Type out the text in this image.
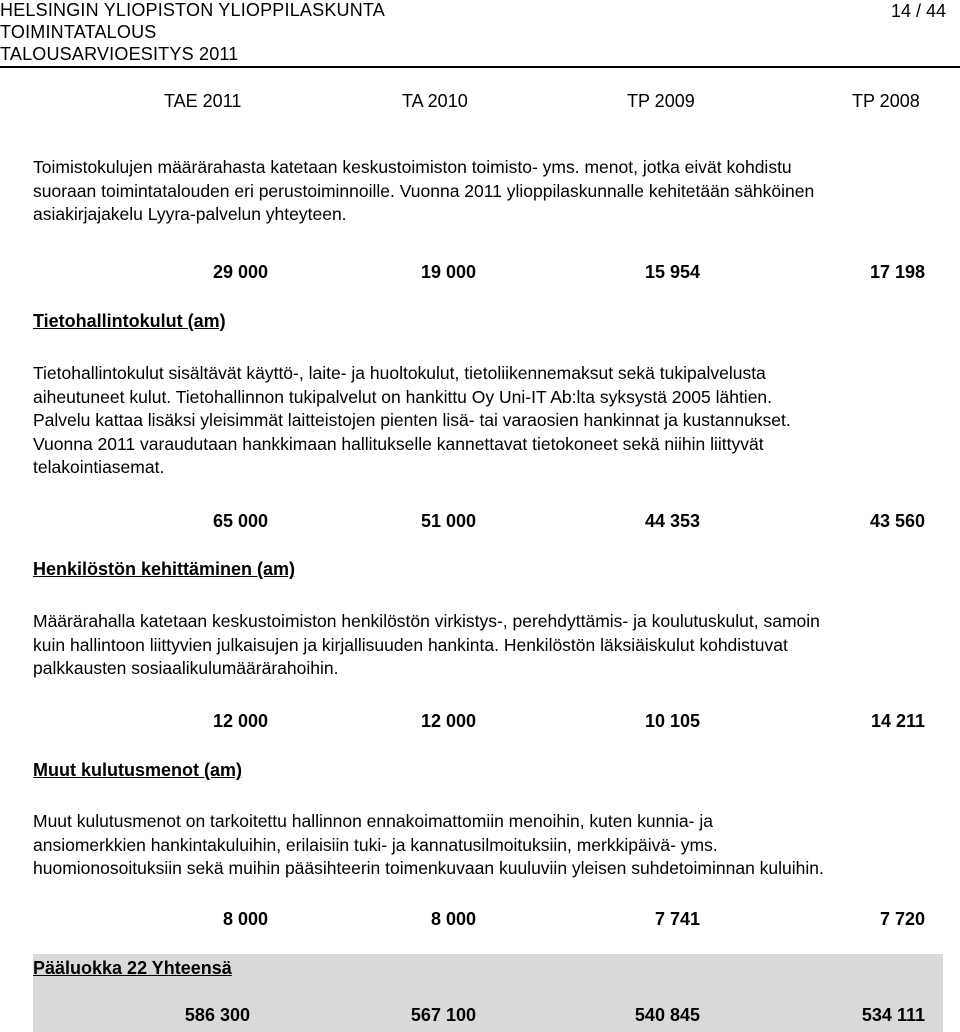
HELSINGIN YLIOPISTON YLIOPPILASKUNTA
TOIMINTATALOUS
TALOUSARVIOESITYS 2011
14 / 44
TAE 2011	TA 2010	TP 2009	TP 2008
Toimistokulujen määrärahasta katetaan keskustoimiston toimisto- yms. menot, jotka eivät kohdistu
suoraan toimintatalouden eri perustoiminnoille. Vuonna 2011 ylioppilaskunnalle kehitetään sähköinen
asiakirjajakelu Lyyra-palvelun yhteyteen.
29 000	19 000	15 954	17 198
Tietohallintokulut (am)
Tietohallintokulut sisältävät käyttö-, laite- ja huoltokulut, tietoliikennemaksut sekä tukipalvelusta
aiheutuneet kulut. Tietohallinnon tukipalvelut on hankittu Oy Uni-IT Ab:lta syksystä 2005 lähtien.
Palvelu kattaa lisäksi yleisimmät laitteistojen pienten lisä- tai varaosien hankinnat ja kustannukset.
Vuonna 2011 varaudutaan hankkimaan hallitukselle kannettavat tietokoneet sekä niihin liittyvät
telakointiasemat.
65 000	51 000	44 353	43 560
Henkilöstön kehittäminen (am)
Määrärahalla katetaan keskustoimiston henkilöstön virkistys-, perehdyttämis- ja koulutuskulut, samoin
kuin hallintoon liittyvien julkaisujen ja kirjallisuuden hankinta. Henkilöstön läksiäiskulut kohdistuvat
palkkausten sosiaalikulumäärärahoihin.
12 000	12 000	10 105	14 211
Muut kulutusmenot (am)
Muut kulutusmenot on tarkoitettu hallinnon ennakoimattomiin menoihin, kuten kunnia- ja
ansiomerkkien hankintakuluihin, erilaisiin tuki- ja kannatusilmoituksiin, merkkipäivä- yms.
huomionosoituksiin sekä muihin pääsihteerin toimenkuvaan kuuluviin yleisen suhdetoiminnan kuluihin.
8 000	8 000	7 741	7 720
Pääluokka 22 Yhteensä
586 300	567 100	540 845	534 111
